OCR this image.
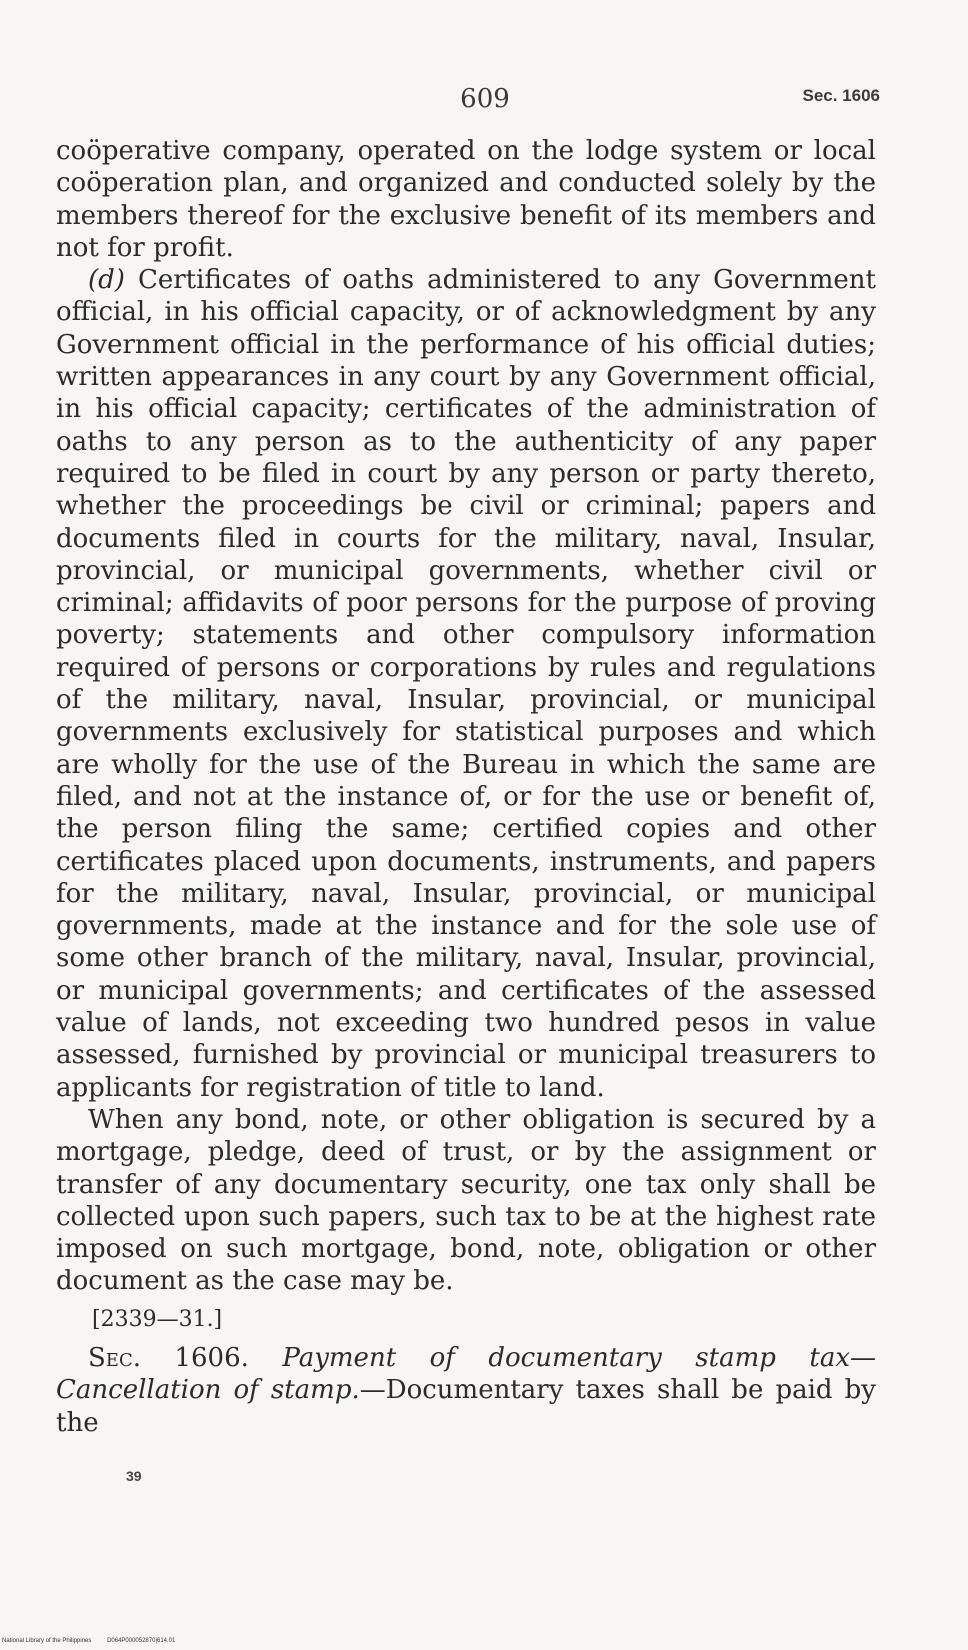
609	Sec. 1606

coöperative company, operated on the lodge system or local coöperation plan, and organized and conducted solely by the members thereof for the exclusive benefit of its members and not for profit.

(d) Certificates of oaths administered to any Government official, in his official capacity, or of acknowledgment by any Government official in the performance of his official duties; written appearances in any court by any Government official, in his official capacity; certificates of the administration of oaths to any person as to the authenticity of any paper required to be filed in court by any person or party thereto, whether the proceedings be civil or criminal; papers and documents filed in courts for the military, naval, Insular, provincial, or municipal governments, whether civil or criminal; affidavits of poor persons for the purpose of proving poverty; statements and other compulsory information required of persons or corporations by rules and regulations of the military, naval, Insular, provincial, or municipal governments exclusively for statistical purposes and which are wholly for the use of the Bureau in which the same are filed, and not at the instance of, or for the use or benefit of, the person filing the same; certified copies and other certificates placed upon documents, instruments, and papers for the military, naval, Insular, provincial, or municipal governments, made at the instance and for the sole use of some other branch of the military, naval, Insular, provincial, or municipal governments; and certificates of the assessed value of lands, not exceeding two hundred pesos in value assessed, furnished by provincial or municipal treasurers to applicants for registration of title to land.

When any bond, note, or other obligation is secured by a mortgage, pledge, deed of trust, or by the assignment or transfer of any documentary security, one tax only shall be collected upon such papers, such tax to be at the highest rate imposed on such mortgage, bond, note, obligation or other document as the case may be.

[2339—31.]

Sec. 1606. Payment of documentary stamp tax—Cancellation of stamp.—Documentary taxes shall be paid by the

39
National Library of the Philippines	D064P000052870|614.01
